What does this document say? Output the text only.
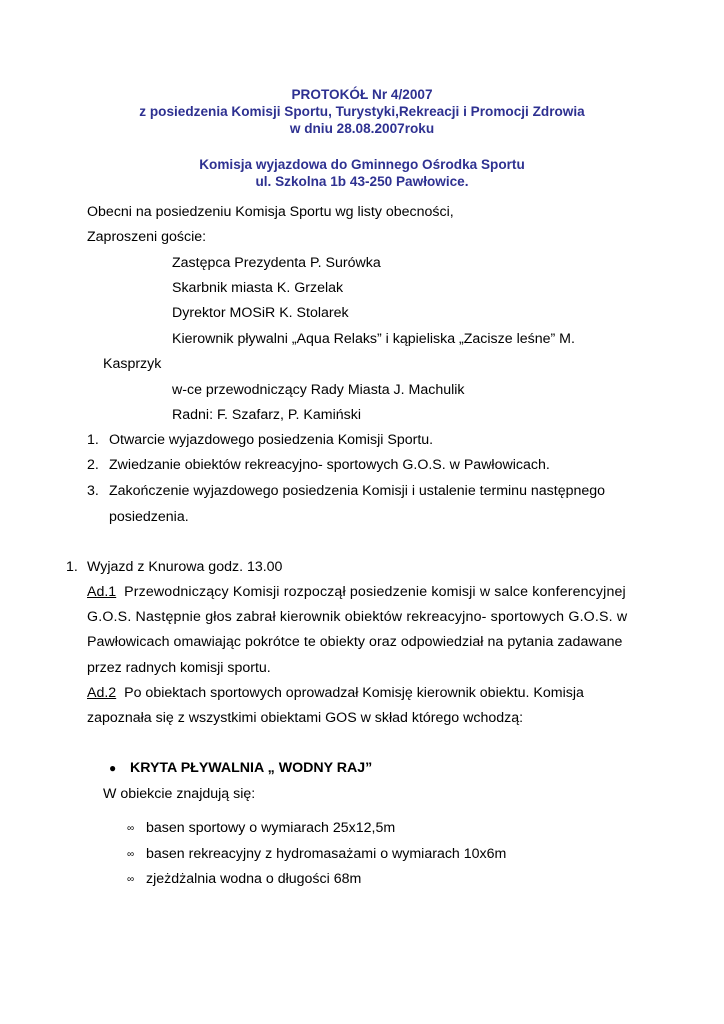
PROTOKÓŁ Nr 4/2007
z posiedzenia Komisji Sportu, Turystyki,Rekreacji i Promocji Zdrowia
w dniu 28.08.2007roku
Komisja wyjazdowa do Gminnego Ośrodka Sportu
ul. Szkolna 1b 43-250 Pawłowice.
Obecni na posiedzeniu Komisja Sportu wg listy obecności,
Zaproszeni goście:
Zastępca Prezydenta P. Surówka
Skarbnik miasta K. Grzelak
Dyrektor MOSiR K. Stolarek
Kierownik pływalni „Aqua Relaks” i kąpieliska „Zacisze leśne” M.
Kasprzyk
w-ce przewodniczący Rady Miasta J. Machulik
Radni: F. Szafarz, P. Kamiński
1. Otwarcie wyjazdowego posiedzenia Komisji Sportu.
2. Zwiedzanie obiektów rekreacyjno- sportowych G.O.S. w Pawłowicach.
3. Zakończenie wyjazdowego posiedzenia Komisji i ustalenie terminu następnego
posiedzenia.
1. Wyjazd z Knurowa godz. 13.00
Ad.1 Przewodniczący Komisji rozpoczął posiedzenie komisji w salce konferencyjnej
G.O.S. Następnie głos zabrał kierownik obiektów rekreacyjno- sportowych G.O.S. w
Pawłowicach omawiając pokrótce te obiekty oraz odpowiedział na pytania zadawane
przez radnych komisji sportu.
Ad.2 Po obiektach sportowych oprowadzał Komisję kierownik obiektu. Komisja
zapoznała się z wszystkimi obiektami GOS w skład którego wchodzą:
● KRYTA PŁYWALNIA „ WODNY RAJ”
W obiekcie znajdują się:
∞ basen sportowy o wymiarach 25x12,5m
∞ basen rekreacyjny z hydromasażami o wymiarach 10x6m
∞ zjeżdżalnia wodna o długości 68m
